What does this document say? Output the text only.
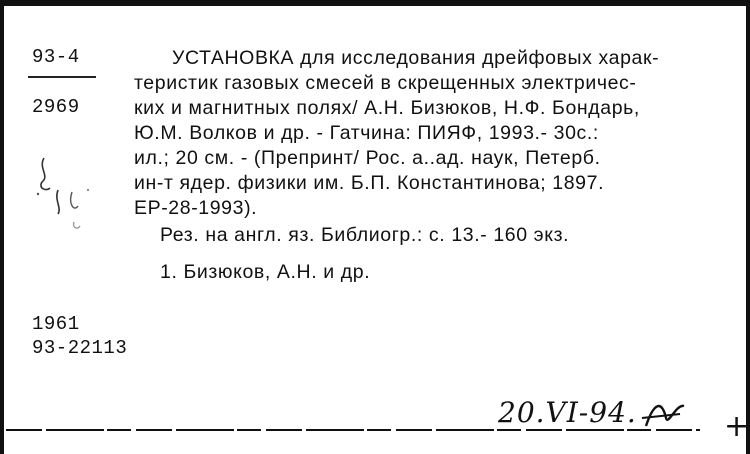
93-4
2969
УСТАНОВКА для исследования дрейфовых харак-
теристик газовых смесей в скрещенных электричес-
ких и магнитных полях/ А.Н. Бизюков, Н.Ф. Бондарь,
Ю.М. Волков и др. - Гатчина: ПИЯФ, 1993.- 30с.:
ил.; 20 см. - (Препринт/ Рос. а..ад. наук, Петерб.
ин-т ядер. физики им. Б.П. Константинова; 1897.
EP-28-1993).
Рез. на англ. яз. Библиогр.: с. 13.- 160 экз.
1. Бизюков, А.Н. и др.
1961
93-22113
20.VI-94.	+
